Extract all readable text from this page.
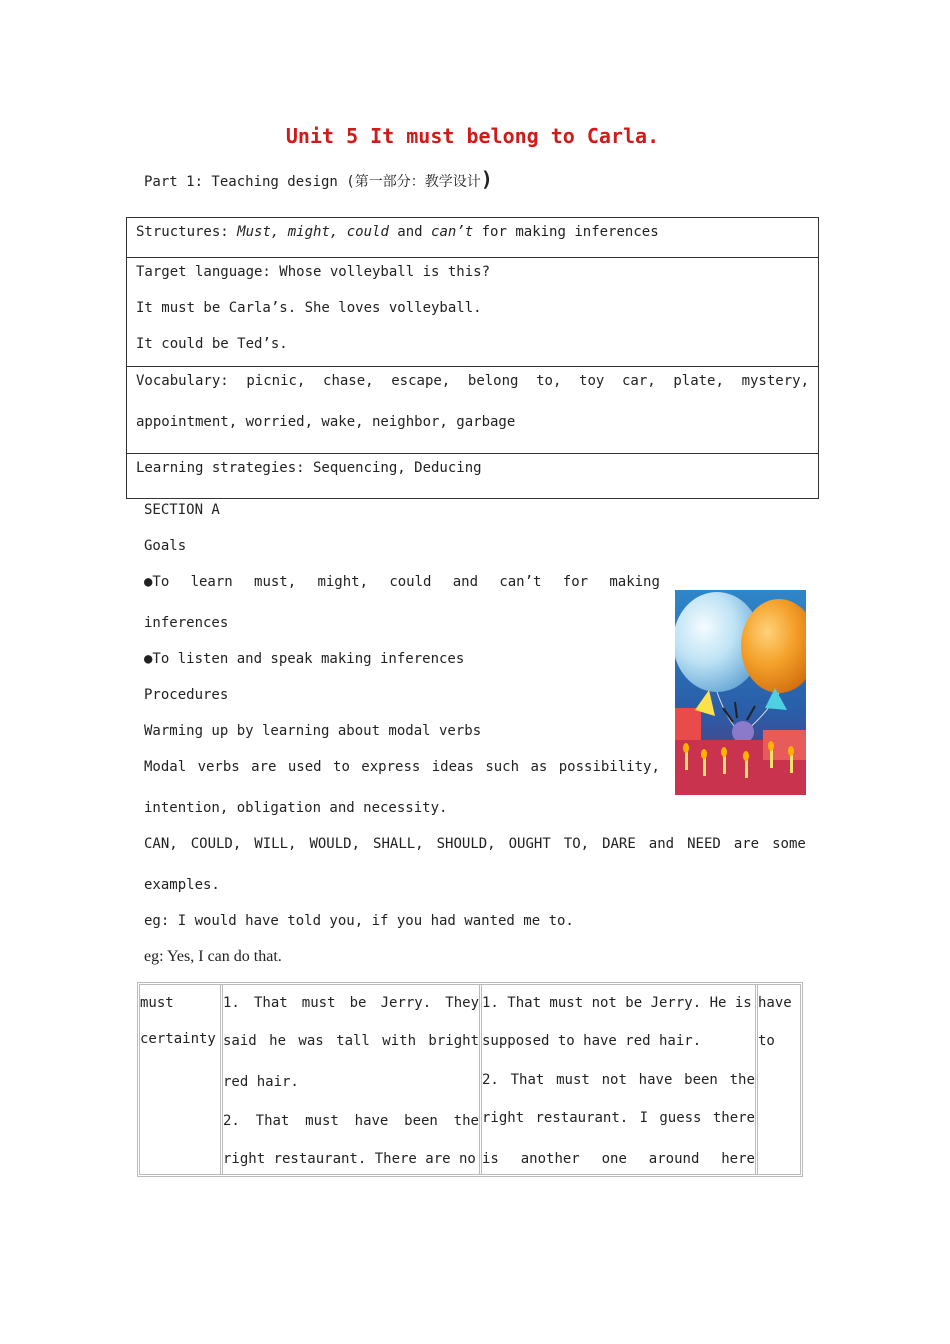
Unit 5 It must belong to Carla.
Part 1: Teaching design (第一部分：教学设计)
Structures: Must, might, could and can’t for making inferences
Target language: Whose volleyball is this?
It must be Carla’s. She loves volleyball.
It could be Ted’s.
Vocabulary: picnic, chase, escape, belong to, toy car, plate, mystery,
appointment, worried, wake, neighbor, garbage
Learning strategies: Sequencing, Deducing
SECTION A
Goals
●To learn must, might, could and can’t for making
inferences
●To listen and speak making inferences
Procedures
Warming up by learning about modal verbs
Modal verbs are used to express ideas such as possibility,
intention, obligation and necessity.
CAN, COULD, WILL, WOULD, SHALL, SHOULD, OUGHT TO, DARE and NEED are some
examples.
eg: I would have told you, if you had wanted me to.
eg: Yes, I can do that.
must
certainty
1. That must be Jerry. They
said he was tall with bright
red hair.
2. That must have been the
right restaurant. There are no
1. That must not be Jerry. He is
supposed to have red hair.
2. That must not have been the
right restaurant. I guess there
is another one around here
have
to
